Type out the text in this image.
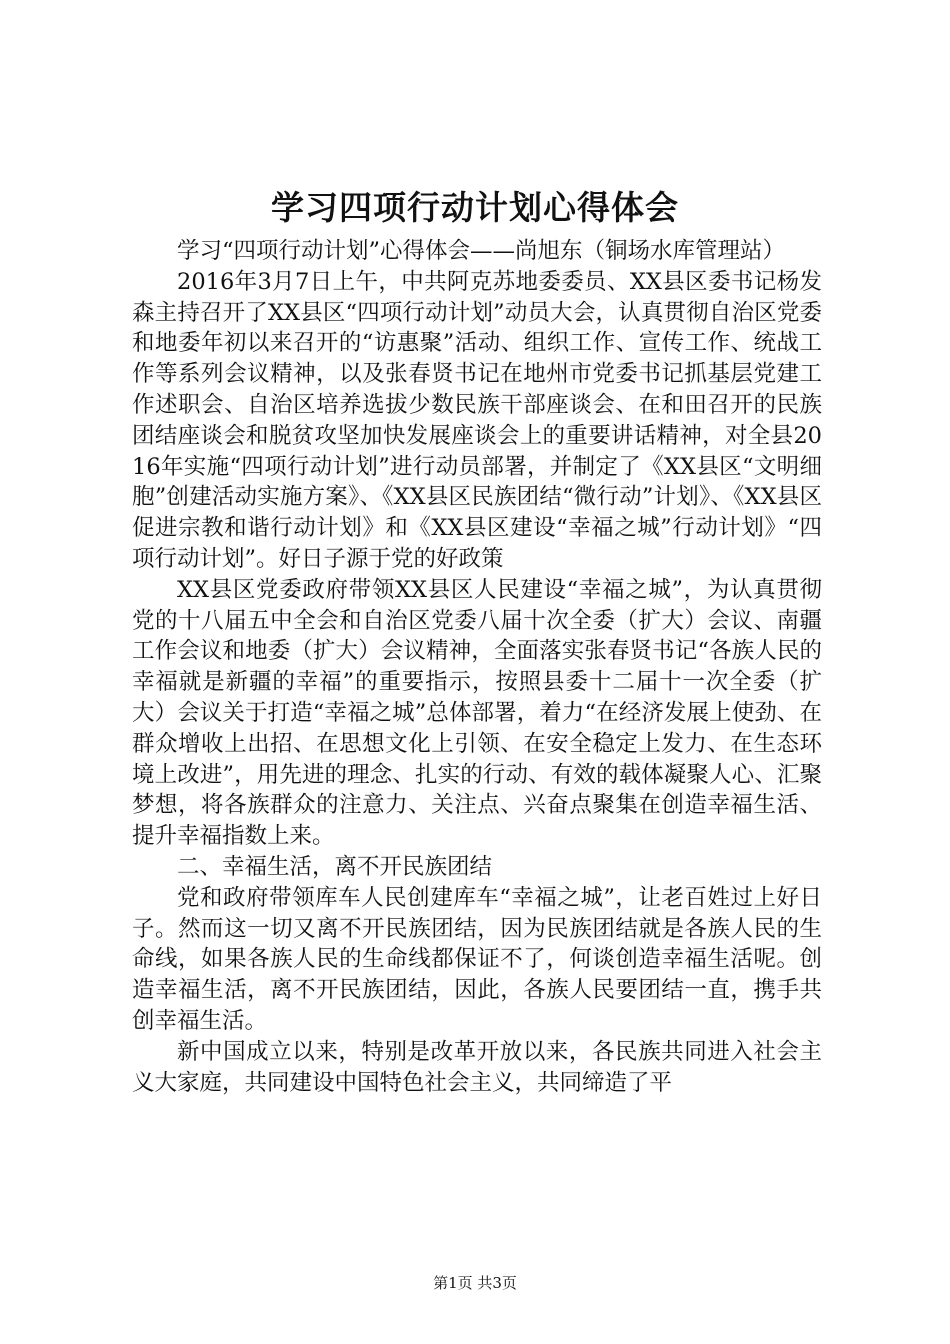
学习四项行动计划心得体会

学习“四项行动计划”心得体会——尚旭东（铜场水库管理站）

2016年3月7日上午，中共阿克苏地委委员、XX县区委书记杨发森主持召开了XX县区“四项行动计划”动员大会，认真贯彻自治区党委和地委年初以来召开的“访惠聚”活动、组织工作、宣传工作、统战工作等系列会议精神，以及张春贤书记在地州市党委书记抓基层党建工作述职会、自治区培养选拔少数民族干部座谈会、在和田召开的民族团结座谈会和脱贫攻坚加快发展座谈会上的重要讲话精神，对全县2016年实施“四项行动计划”进行动员部署，并制定了《XX县区“文明细胞”创建活动实施方案》、《XX县区民族团结“微行动”计划》、《XX县区促进宗教和谐行动计划》和《XX县区建设“幸福之城”行动计划》“四项行动计划”。好日子源于党的好政策

XX县区党委政府带领XX县区人民建设“幸福之城”，为认真贯彻党的十八届五中全会和自治区党委八届十次全委（扩大）会议、南疆工作会议和地委（扩大）会议精神，全面落实张春贤书记“各族人民的幸福就是新疆的幸福”的重要指示，按照县委十二届十一次全委（扩大）会议关于打造“幸福之城”总体部署，着力“在经济发展上使劲、在群众增收上出招、在思想文化上引领、在安全稳定上发力、在生态环境上改进”，用先进的理念、扎实的行动、有效的载体凝聚人心、汇聚梦想，将各族群众的注意力、关注点、兴奋点聚集在创造幸福生活、提升幸福指数上来。

二、幸福生活，离不开民族团结

党和政府带领库车人民创建库车“幸福之城”，让老百姓过上好日子。然而这一切又离不开民族团结，因为民族团结就是各族人民的生命线，如果各族人民的生命线都保证不了，何谈创造幸福生活呢。创造幸福生活，离不开民族团结，因此，各族人民要团结一直，携手共创幸福生活。

新中国成立以来，特别是改革开放以来，各民族共同进入社会主义大家庭，共同建设中国特色社会主义，共同缔造了平

第1页 共3页
